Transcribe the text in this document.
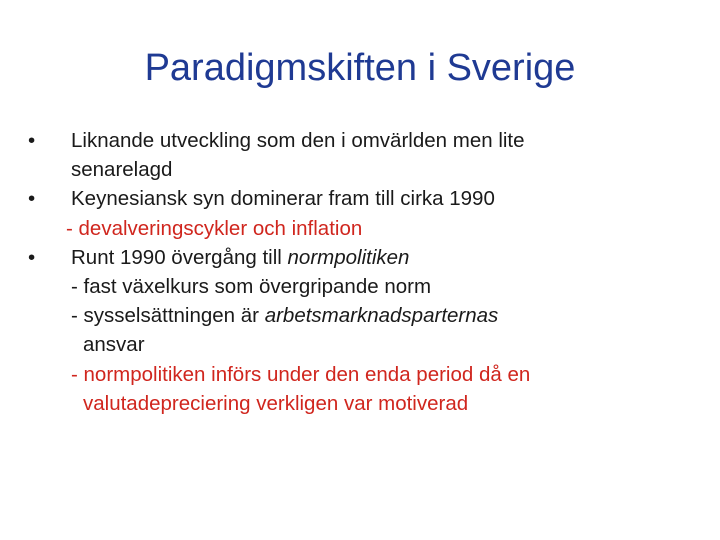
Paradigmskiften i Sverige
•
Liknande utveckling som den i omvärlden men lite
senarelagd
•
Keynesiansk syn dominerar fram till cirka 1990
- devalveringscykler och inflation
•
Runt 1990 övergång till normpolitiken
- fast växelkurs som övergripande norm
- sysselsättningen är arbetsmarknadsparternas
ansvar
- normpolitiken införs under den enda period då en
valutadepreciering verkligen var motiverad
